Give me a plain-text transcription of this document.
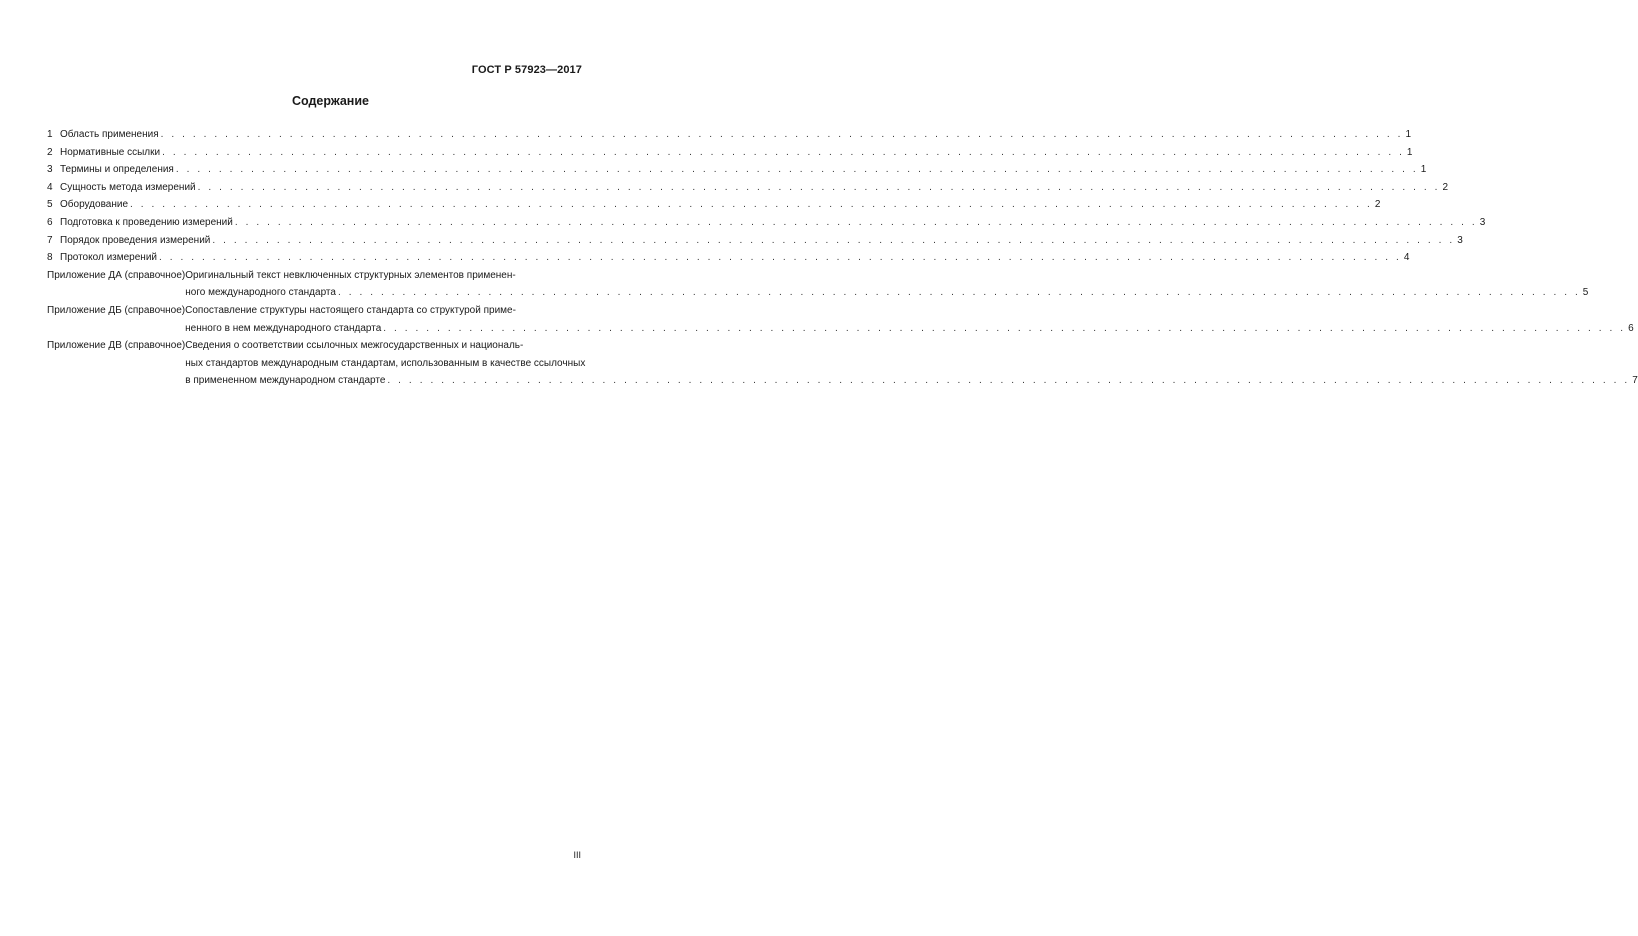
ГОСТ Р 57923—2017
Содержание
1 Область применения . . .	1
2 Нормативные ссылки . . .	1
3 Термины и определения . . .	1
4 Сущность метода измерений . . .	2
5 Оборудование . . .	2
6 Подготовка к проведению измерений . . .	3
7 Порядок проведения измерений . . .	3
8 Протокол измерений . . .	4
Приложение ДА (справочное) Оригинальный текст невключенных структурных элементов применен-
ного международного стандарта . . .	5
Приложение ДБ (справочное) Сопоставление структуры настоящего стандарта со структурой приме-
ненного в нем международного стандарта . . .	6
Приложение ДВ (справочное) Сведения о соответствии ссылочных межгосударственных и националь-
ных стандартов международным стандартам, использованным в качестве ссылочных
в примененном международном стандарте . . .	7
III
